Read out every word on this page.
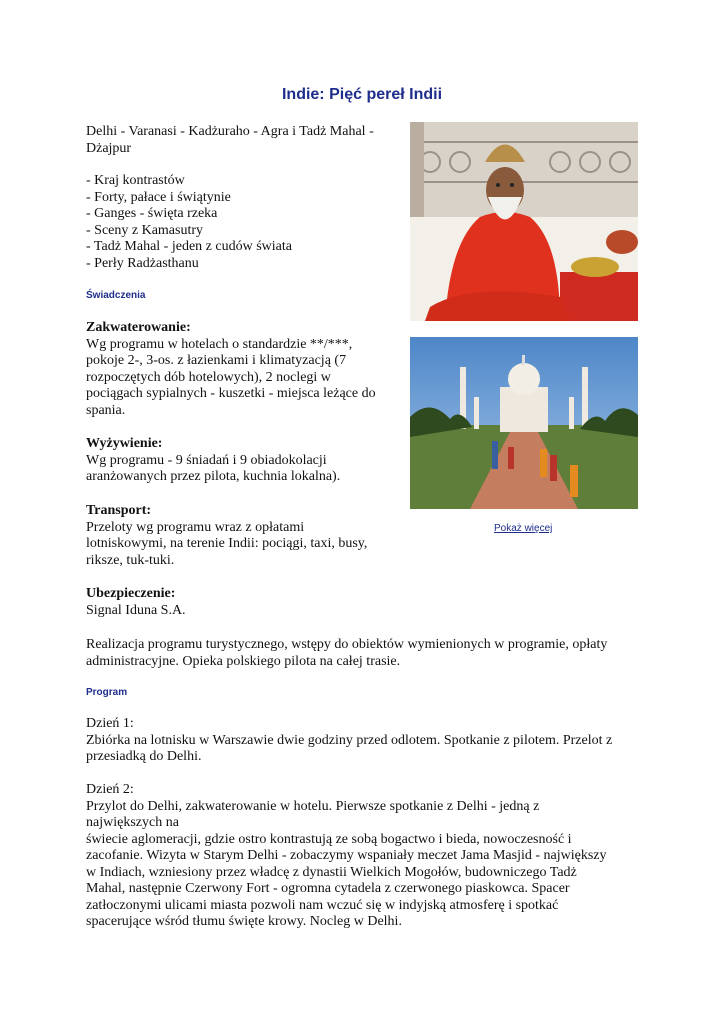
Indie: Pięć pereł Indii
Delhi - Varanasi - Kadżuraho - Agra i Tadż Mahal -
Dżajpur
- Kraj kontrastów
- Forty, pałace i świątynie
- Ganges - święta rzeka
- Sceny z Kamasutry
- Tadż Mahal - jeden z cudów świata
- Perły Radżasthanu
Świadczenia
Zakwaterowanie:
Wg programu w hotelach o standardzie **/***,
pokoje 2-, 3-os. z łazienkami i klimatyzacją (7
rozpoczętych dób hotelowych), 2 noclegi w
pociągach sypialnych - kuszetki - miejsca leżące do
spania.
Wyżywienie:
Wg programu - 9 śniadań i 9 obiadokolacji
aranżowanych przez pilota, kuchnia lokalna).
Transport:
Przeloty wg programu wraz z opłatami
lotniskowymi, na terenie Indii: pociągi, taxi, busy,
riksze, tuk-tuki.
Ubezpieczenie:
Signal Iduna S.A.
Realizacja programu turystycznego, wstępy do obiektów wymienionych w programie, opłaty
administracyjne. Opieka polskiego pilota na całej trasie.
Program
Dzień 1:
Zbiórka na lotnisku w Warszawie dwie godziny przed odlotem. Spotkanie z pilotem. Przelot z
przesiadką do Delhi.
Dzień 2:
Przylot do Delhi, zakwaterowanie w hotelu. Pierwsze spotkanie z Delhi - jedną z
największych na
świecie aglomeracji, gdzie ostro kontrastują ze sobą bogactwo i bieda, nowoczesność i
zacofanie. Wizyta w Starym Delhi - zobaczymy wspaniały meczet Jama Masjid - największy
w Indiach, wzniesiony przez władcę z dynastii Wielkich Mogołów, budowniczego Tadż
Mahal, następnie Czerwony Fort - ogromna cytadela z czerwonego piaskowca. Spacer
zatłoczonymi ulicami miasta pozwoli nam wczuć się w indyjską atmosferę i spotkać
spacerujące wśród tłumu święte krowy. Nocleg w Delhi.
Pokaż więcej
